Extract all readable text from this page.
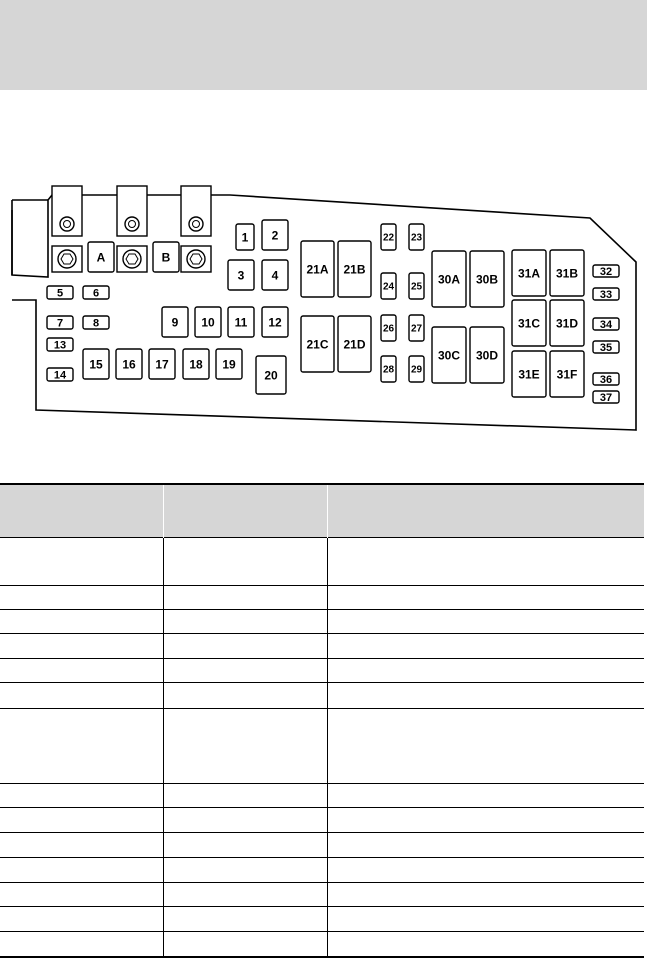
1 2
3 4
5	6
7	8	9 10 11 12
13
14
15 16 17 18 19
20
21A 21B
21C 21D
22 23
24 25
26 27
28 29
30A 30B
30C 30D
31A 31B
31C 31D
31E 31F
32
33
34
35
36
37
A	B
